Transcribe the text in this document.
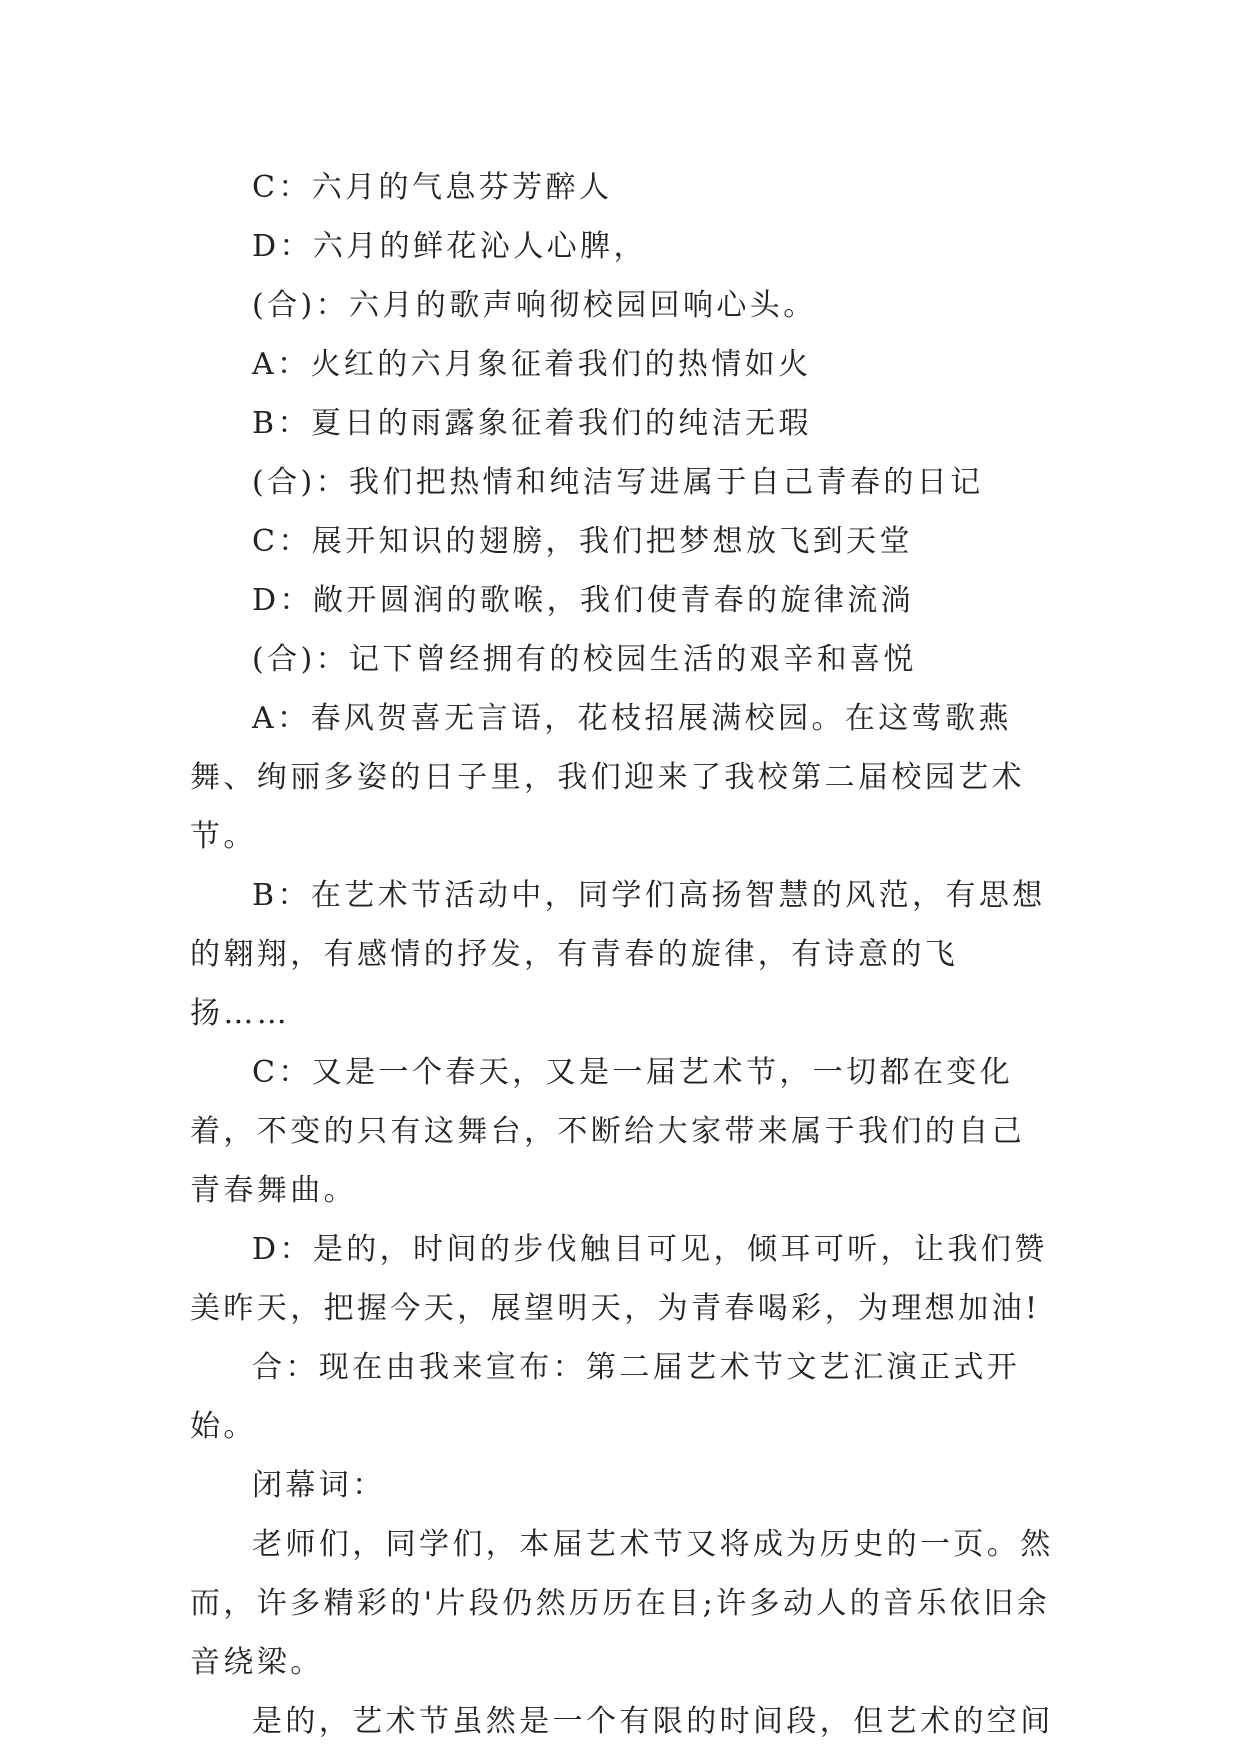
C：六月的气息芬芳醉人

D：六月的鲜花沁人心脾，

(合)：六月的歌声响彻校园回响心头。

A：火红的六月象征着我们的热情如火

B：夏日的雨露象征着我们的纯洁无瑕

(合)：我们把热情和纯洁写进属于自己青春的日记

C：展开知识的翅膀，我们把梦想放飞到天堂

D：敞开圆润的歌喉，我们使青春的旋律流淌

(合)：记下曾经拥有的校园生活的艰辛和喜悦

A：春风贺喜无言语，花枝招展满校园。在这莺歌燕舞、绚丽多姿的日子里，我们迎来了我校第二届校园艺术节。

B：在艺术节活动中，同学们高扬智慧的风范，有思想的翱翔，有感情的抒发，有青春的旋律，有诗意的飞扬……

C：又是一个春天，又是一届艺术节，一切都在变化着，不变的只有这舞台，不断给大家带来属于我们的自己青春舞曲。

D：是的，时间的步伐触目可见，倾耳可听，让我们赞美昨天，把握今天，展望明天，为青春喝彩，为理想加油!

合：现在由我来宣布：第二届艺术节文艺汇演正式开始。

闭幕词：

老师们，同学们，本届艺术节又将成为历史的一页。然而，许多精彩的'片段仍然历历在目;许多动人的音乐依旧余音绕梁。

是的，艺术节虽然是一个有限的时间段，但艺术的空间
